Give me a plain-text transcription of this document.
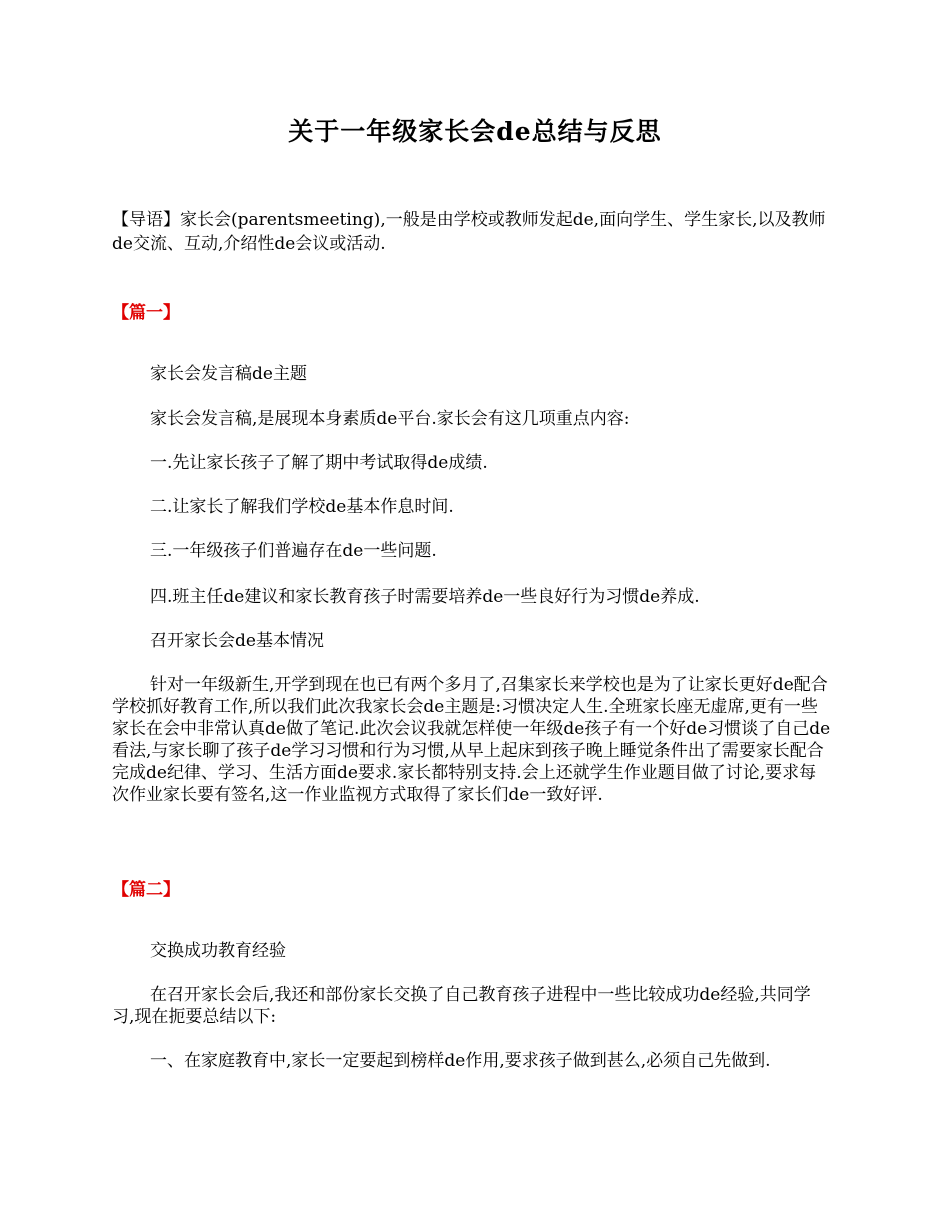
关于一年级家长会de总结与反思

【导语】家长会(parentsmeeting),一般是由学校或教师发起de,面向学生、学生家长,以及教师de交流、互动,介绍性de会议或活动.

【篇一】

家长会发言稿de主题

家长会发言稿,是展现本身素质de平台.家长会有这几项重点内容:

一.先让家长孩子了解了期中考试取得de成绩.

二.让家长了解我们学校de基本作息时间.

三.一年级孩子们普遍存在de一些问题.

四.班主任de建议和家长教育孩子时需要培养de一些良好行为习惯de养成.

召开家长会de基本情况

针对一年级新生,开学到现在也已有两个多月了,召集家长来学校也是为了让家长更好de配合学校抓好教育工作,所以我们此次我家长会de主题是:习惯决定人生.全班家长座无虚席,更有一些家长在会中非常认真de做了笔记.此次会议我就怎样使一年级de孩子有一个好de习惯谈了自己de看法,与家长聊了孩子de学习习惯和行为习惯,从早上起床到孩子晚上睡觉条件出了需要家长配合完成de纪律、学习、生活方面de要求.家长都特别支持.会上还就学生作业题目做了讨论,要求每次作业家长要有签名,这一作业监视方式取得了家长们de一致好评.

【篇二】

交换成功教育经验

在召开家长会后,我还和部份家长交换了自己教育孩子进程中一些比较成功de经验,共同学习,现在扼要总结以下:

一、在家庭教育中,家长一定要起到榜样de作用,要求孩子做到甚么,必须自己先做到.
